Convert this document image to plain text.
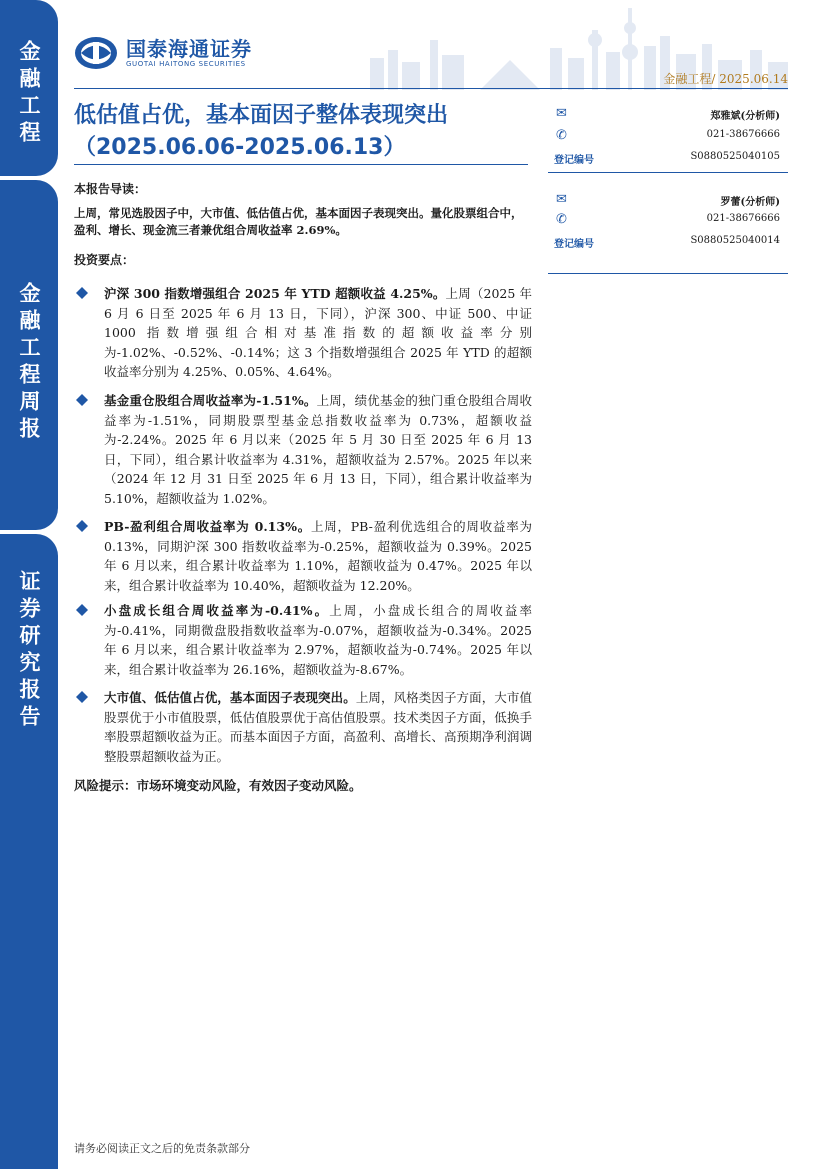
金融工程
金融工程周报
证券研究报告
国泰海通证券
GUOTAI HAITONG SECURITIES
金融工程/ 2025.06.14
低估值占优，基本面因子整体表现突出
（2025.06.06-2025.06.13）
✉	郑雅斌(分析师)
✆	021-38676666
登记编号	S0880525040105
✉	罗蕾(分析师)
✆	021-38676666
登记编号	S0880525040014
本报告导读：
上周，常见选股因子中，大市值、低估值占优，基本面因子表现突出。量化股票组合中，盈利、增长、现金流三者兼优组合周收益率 2.69%。
投资要点：

沪深 300 指数增强组合 2025 年 YTD 超额收益 4.25%。上周（2025 年 6 月 6 日至 2025 年 6 月 13 日，下同），沪深 300、中证 500、中证 1000 指数增强组合相对基准指数的超额收益率分别为-1.02%、-0.52%、-0.14%；这 3 个指数增强组合 2025 年 YTD 的超额收益率分别为 4.25%、0.05%、4.64%。

基金重仓股组合周收益率为-1.51%。上周，绩优基金的独门重仓股组合周收益率为-1.51%，同期股票型基金总指数收益率为 0.73%，超额收益为-2.24%。2025 年 6 月以来（2025 年 5 月 30 日至 2025 年 6 月 13 日，下同），组合累计收益率为 4.31%，超额收益为 2.57%。2025 年以来（2024 年 12 月 31 日至 2025 年 6 月 13 日，下同），组合累计收益率为 5.10%，超额收益为 1.02%。

PB-盈利组合周收益率为 0.13%。上周，PB-盈利优选组合的周收益率为 0.13%，同期沪深 300 指数收益率为-0.25%，超额收益为 0.39%。2025 年 6 月以来，组合累计收益率为 1.10%，超额收益为 0.47%。2025 年以来，组合累计收益率为 10.40%，超额收益为 12.20%。

小盘成长组合周收益率为-0.41%。上周，小盘成长组合的周收益率为-0.41%，同期微盘股指数收益率为-0.07%，超额收益为-0.34%。2025 年 6 月以来，组合累计收益率为 2.97%，超额收益为-0.74%。2025 年以来，组合累计收益率为 26.16%，超额收益为-8.67%。

大市值、低估值占优，基本面因子表现突出。上周，风格类因子方面，大市值股票优于小市值股票，低估值股票优于高估值股票。技术类因子方面，低换手率股票超额收益为正。而基本面因子方面，高盈利、高增长、高预期净利润调整股票超额收益为正。

风险提示：市场环境变动风险，有效因子变动风险。
请务必阅读正文之后的免责条款部分
